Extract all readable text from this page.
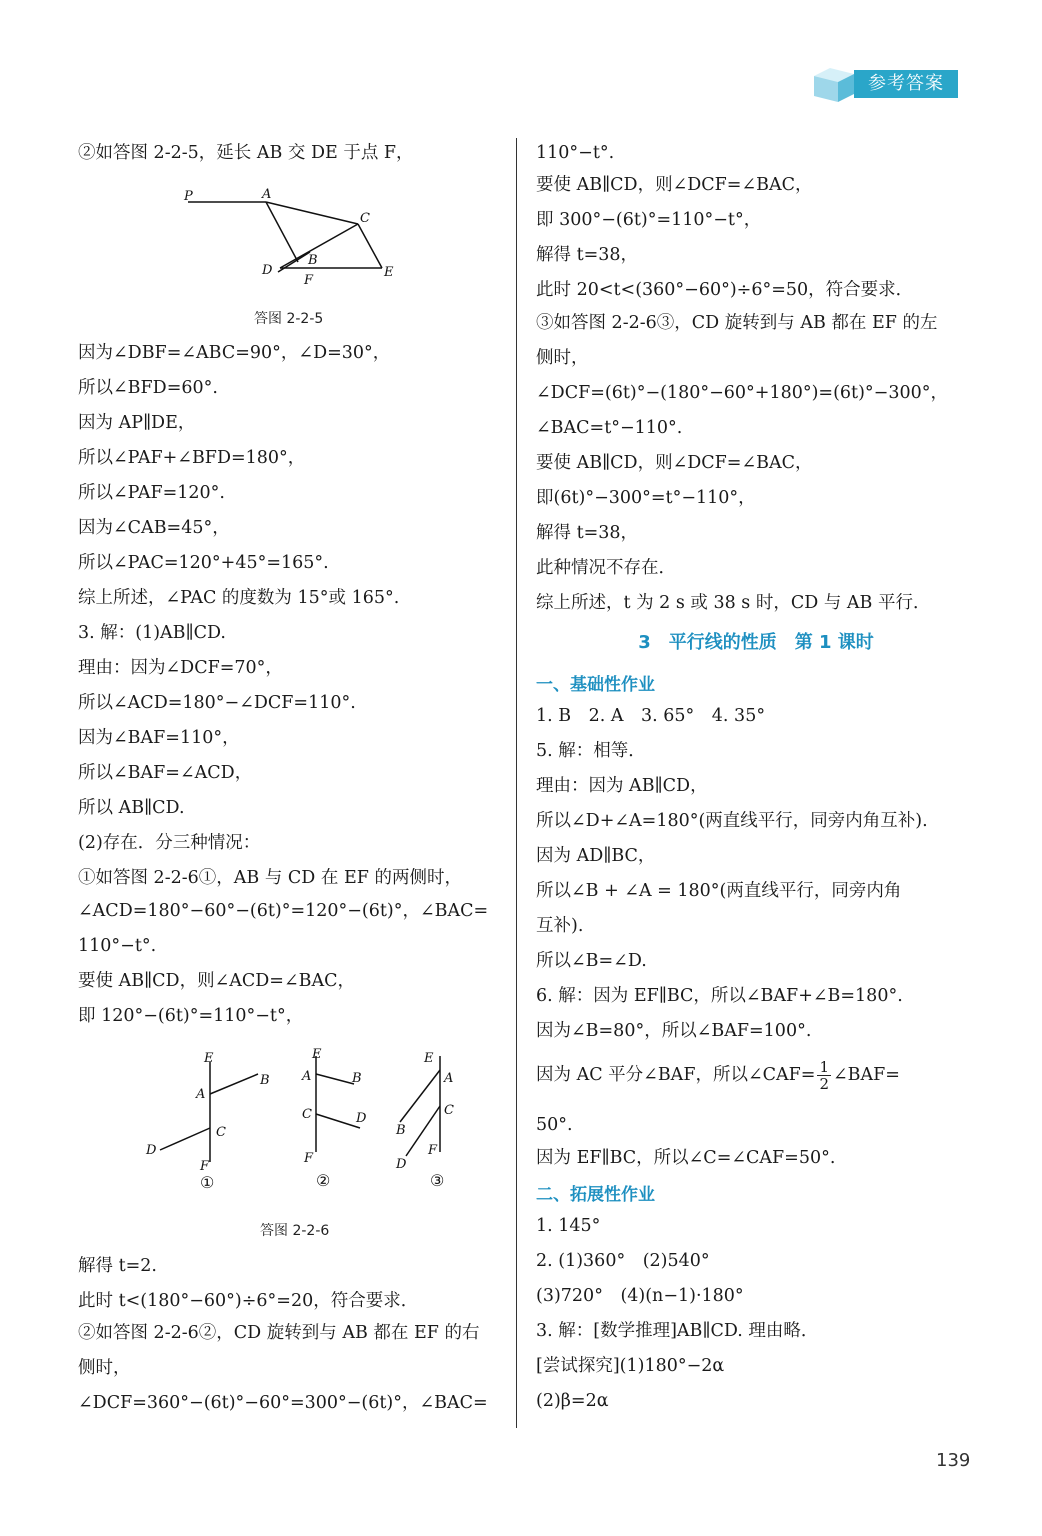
参考答案
②如答图 2-2-5，延长 AB 交 DE 于点 F，
P	A
C
B
D
F
E
答图 2-2-5
因为∠DBF=∠ABC=90°，∠D=30°，
所以∠BFD=60°.
因为 AP∥DE，
所以∠PAF+∠BFD=180°，
所以∠PAF=120°.
因为∠CAB=45°，
所以∠PAC=120°+45°=165°.
综上所述，∠PAC 的度数为 15°或 165°.
3. 解：(1)AB∥CD.
理由：因为∠DCF=70°，
所以∠ACD=180°−∠DCF=110°.
因为∠BAF=110°，
所以∠BAF=∠ACD，
所以 AB∥CD.
(2)存在．分三种情况：
①如答图 2-2-6①，AB 与 CD 在 EF 的两侧时，
∠ACD=180°−60°−(6t)°=120°−(6t)°，∠BAC=
110°−t°.
要使 AB∥CD，则∠ACD=∠BAC，
即 120°−(6t)°=110°−t°，
E
A
B
C
D
F
①
E
A	B
C	D
F
②
E
A
B
C
D
F
③
答图 2-2-6
解得 t=2.
此时 t<(180°−60°)÷6°=20，符合要求．
②如答图 2-2-6②，CD 旋转到与 AB 都在 EF 的右
侧时，
∠DCF=360°−(6t)°−60°=300°−(6t)°，∠BAC=
110°−t°.
要使 AB∥CD，则∠DCF=∠BAC，
即 300°−(6t)°=110°−t°，
解得 t=38，
此时 20<t<(360°−60°)÷6°=50，符合要求．
③如答图 2-2-6③，CD 旋转到与 AB 都在 EF 的左
侧时，
∠DCF=(6t)°−(180°−60°+180°)=(6t)°−300°，
∠BAC=t°−110°.
要使 AB∥CD，则∠DCF=∠BAC，
即(6t)°−300°=t°−110°，
解得 t=38，
此种情况不存在．
综上所述，t 为 2 s 或 38 s 时，CD 与 AB 平行．
3　平行线的性质　第 1 课时
一、基础性作业
1. B　2. A　3. 65°　4. 35°
5. 解：相等．
理由：因为 AB∥CD，
所以∠D+∠A=180°(两直线平行，同旁内角互补).
因为 AD∥BC，
所以∠B + ∠A = 180°(两直线平行，同旁内角
互补).
所以∠B=∠D.
6. 解：因为 EF∥BC，所以∠BAF+∠B=180°.
因为∠B=80°，所以∠BAF=100°.
因为 AC 平分∠BAF，所以∠CAF= $\frac{1}{2}$ ∠BAF=
50°.
因为 EF∥BC，所以∠C=∠CAF=50°.
二、拓展性作业
1. 145°
2. (1)360°　(2)540°
(3)720°　(4)(n−1)·180°
3. 解：[数学推理]AB∥CD. 理由略．
[尝试探究](1)180°−2α
(2)β=2α
139
